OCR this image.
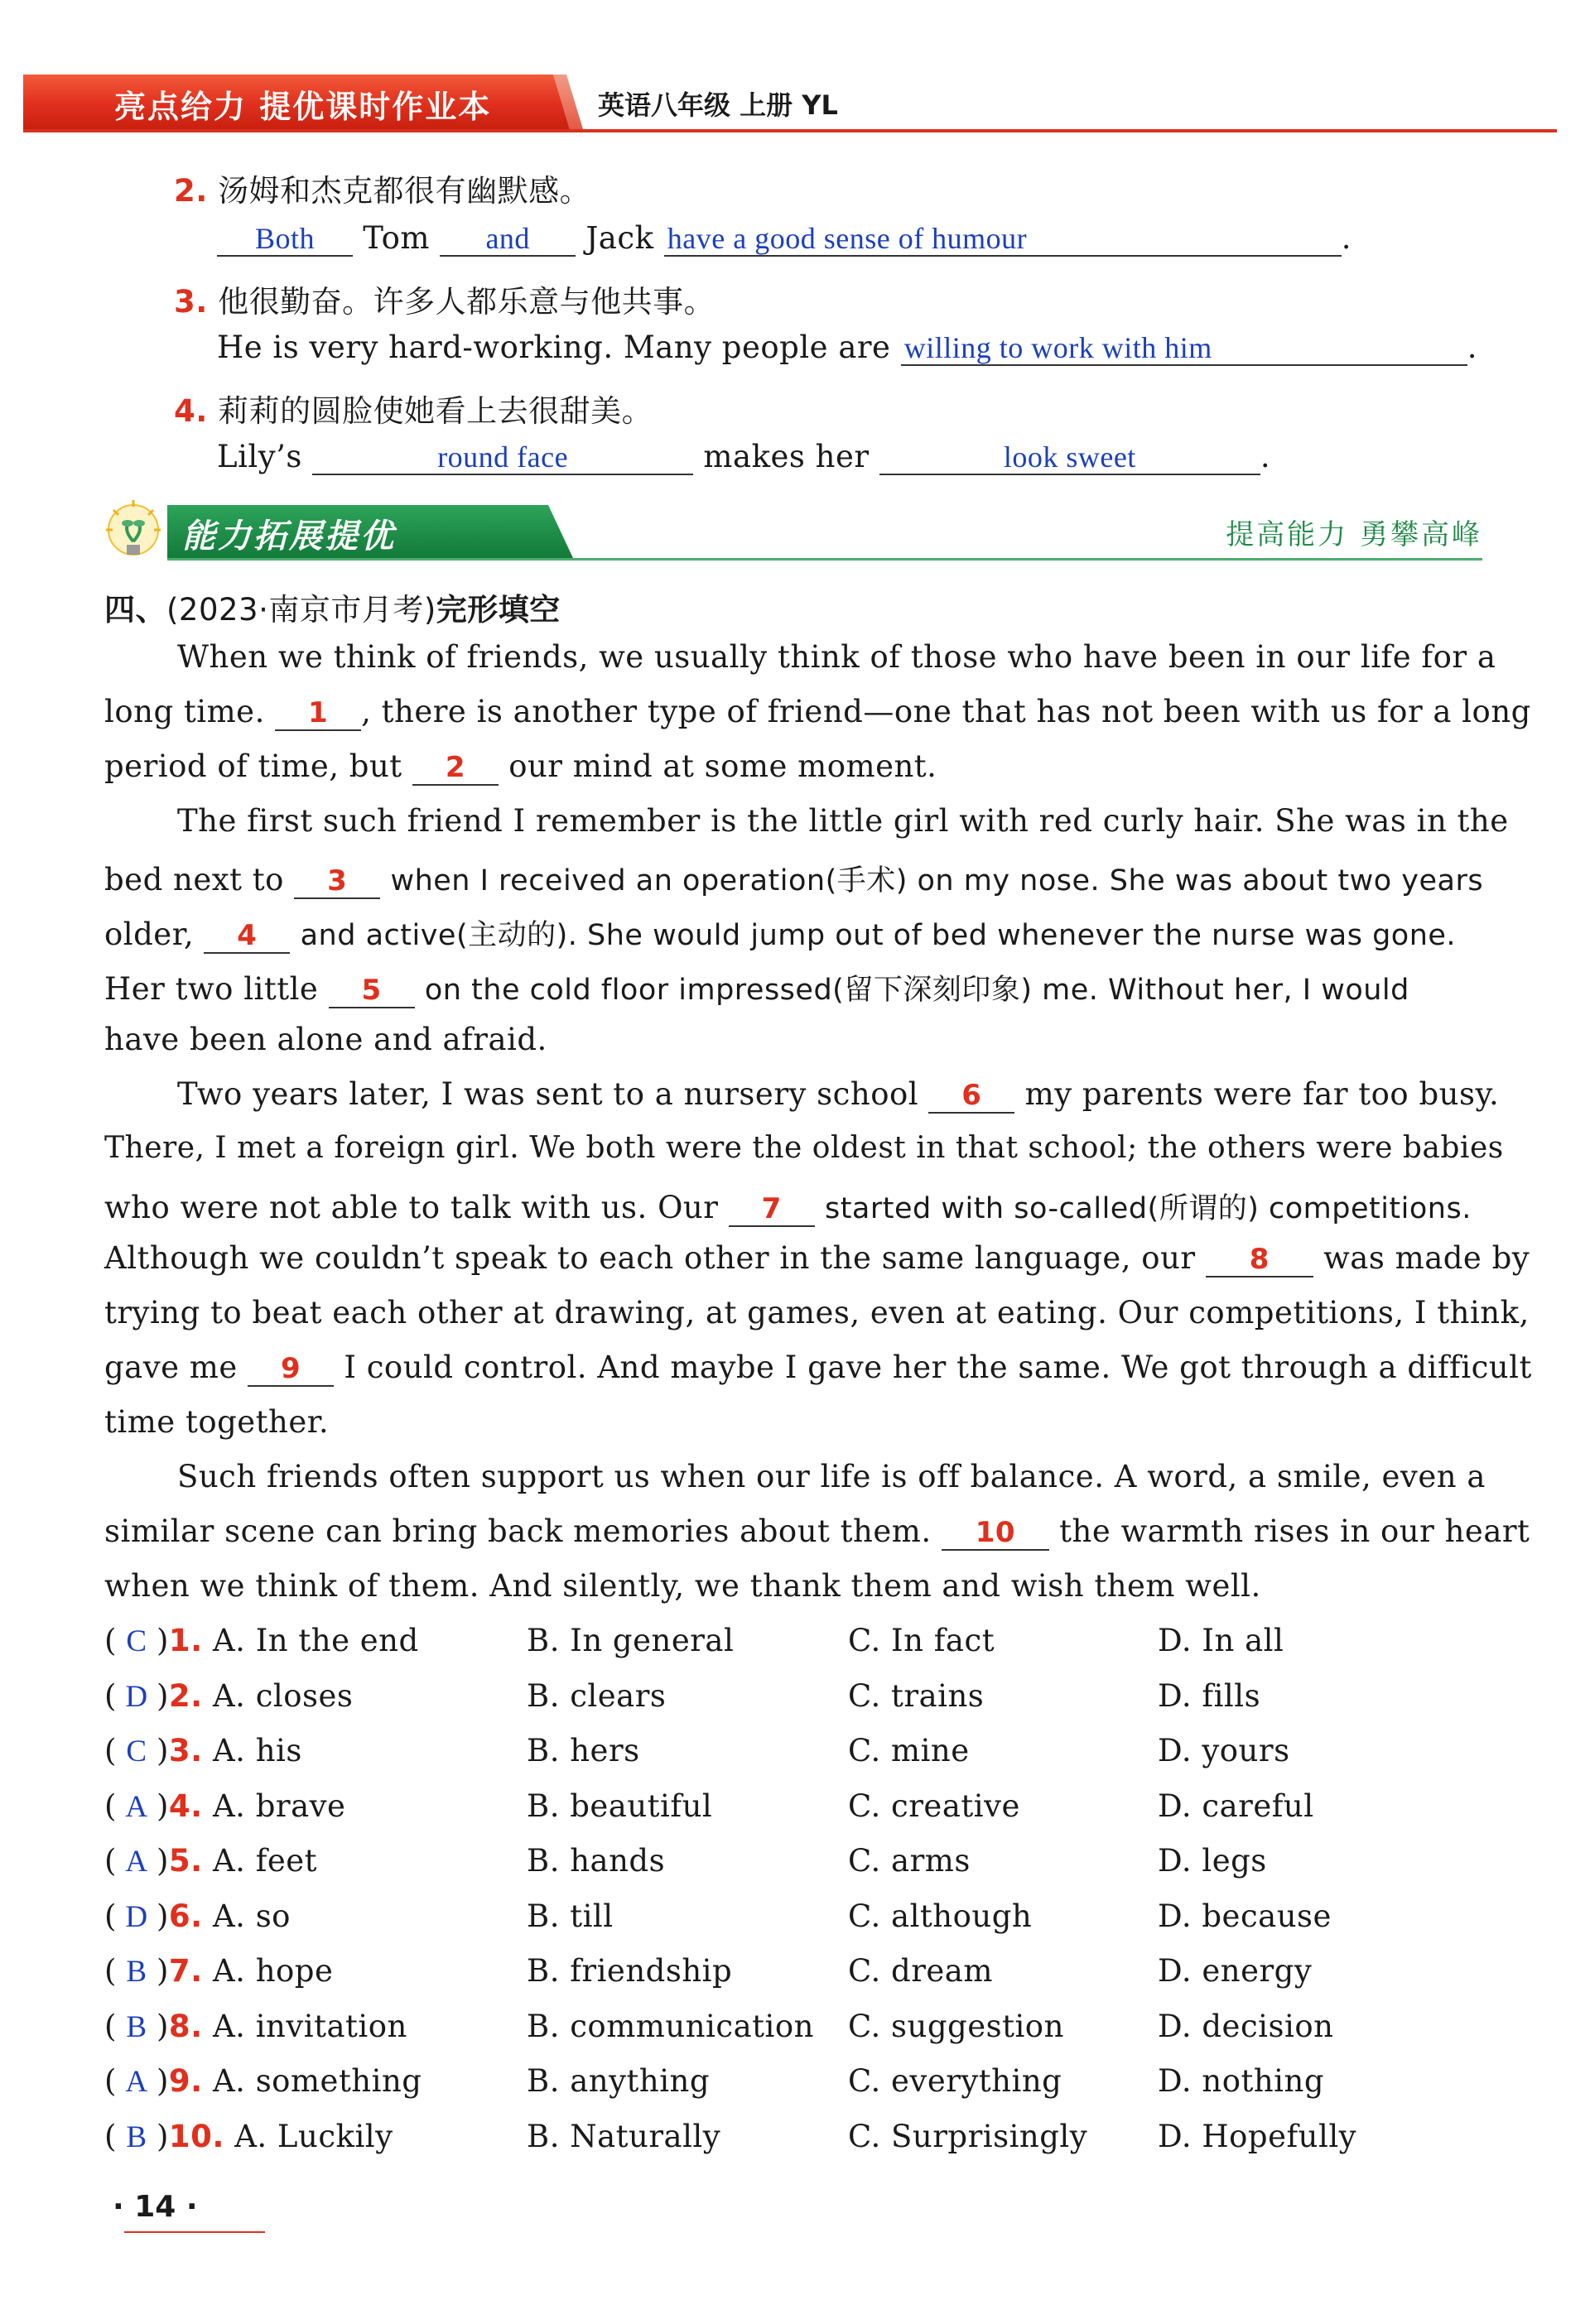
亮点给力 提优课时作业本	英语八年级 上册 YL
2. 汤姆和杰克都很有幽默感。
Both Tom and Jack have a good sense of humour	.
3. 他很勤奋。许多人都乐意与他共事。
He is very hard-working. Many people are willing to work with him	.
4. 莉莉的圆脸使她看上去很甜美。
Lily’s	round face	makes her	look sweet	.
能力拓展提优	提高能力 勇攀高峰
四、(2023·南京市月考)完形填空
When we think of friends, we usually think of those who have been in our life for a
long time. 1 , there is another type of friend—one that has not been with us for a long
period of time, but 2 our mind at some moment.
The first such friend I remember is the little girl with red curly hair. She was in the
bed next to 3 when I received an operation(手术) on my nose. She was about two years
older, 4 and active(主动的). She would jump out of bed whenever the nurse was gone.
Her two little 5 on the cold floor impressed(留下深刻印象) me. Without her, I would
have been alone and afraid.
Two years later, I was sent to a nursery school 6 my parents were far too busy.
There, I met a foreign girl. We both were the oldest in that school; the others were babies
who were not able to talk with us. Our 7 started with so-called(所谓的) competitions.
Although we couldn’t speak to each other in the same language, our 8 was made by
trying to beat each other at drawing, at games, even at eating. Our competitions, I think,
gave me 9 I could control. And maybe I gave her the same. We got through a difficult
time together.
Such friends often support us when our life is off balance. A word, a smile, even a
similar scene can bring back memories about them. 10 the warmth rises in our heart
when we think of them. And silently, we thank them and wish them well.
( C )1. A. In the end	B. In general	C. In fact	D. In all
( D )2. A. closes	B. clears	C. trains	D. fills
( C )3. A. his	B. hers	C. mine	D. yours
( A )4. A. brave	B. beautiful	C. creative	D. careful
( A )5. A. feet	B. hands	C. arms	D. legs
( D )6. A. so	B. till	C. although	D. because
( B )7. A. hope	B. friendship	C. dream	D. energy
( B )8. A. invitation	B. communication C. suggestion	D. decision
( A )9. A. something	B. anything	C. everything	D. nothing
( B )10. A. Luckily	B. Naturally	C. Surprisingly D. Hopefully
· 14 ·
